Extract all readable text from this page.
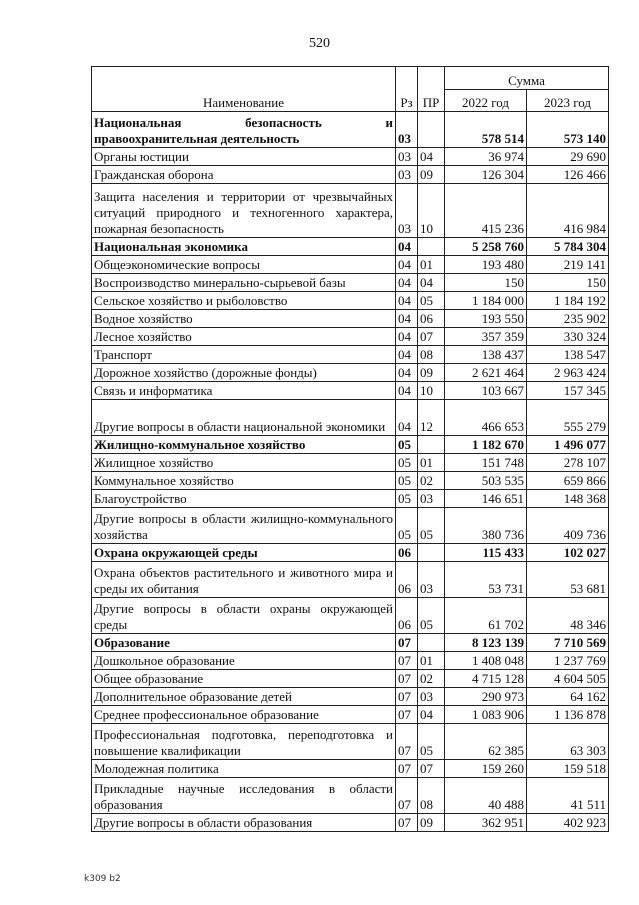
520
Наименование	Рз	ПР	Сумма	
			2022 год	2023 год
Национальная безопасность и правоохранительная деятельность	03		578 514	573 140
Органы юстиции	03	04	36 974	29 690
Гражданская оборона	03	09	126 304	126 466
Защита населения и территории от чрезвычайных ситуаций природного и техногенного характера, пожарная безопасность	03	10	415 236	416 984
Национальная экономика	04		5 258 760	5 784 304
Общеэкономические вопросы	04	01	193 480	219 141
Воспроизводство минерально-сырьевой базы	04	04	150	150
Сельское хозяйство и рыболовство	04	05	1 184 000	1 184 192
Водное хозяйство	04	06	193 550	235 902
Лесное хозяйство	04	07	357 359	330 324
Транспорт	04	08	138 437	138 547
Дорожное хозяйство (дорожные фонды)	04	09	2 621 464	2 963 424
Связь и информатика	04	10	103 667	157 345
Другие вопросы в области национальной экономики	04	12	466 653	555 279
Жилищно-коммунальное хозяйство	05		1 182 670	1 496 077
Жилищное хозяйство	05	01	151 748	278 107
Коммунальное хозяйство	05	02	503 535	659 866
Благоустройство	05	03	146 651	148 368
Другие вопросы в области жилищно-коммунального хозяйства	05	05	380 736	409 736
Охрана окружающей среды	06		115 433	102 027
Охрана объектов растительного и животного мира и среды их обитания	06	03	53 731	53 681
Другие вопросы в области охраны окружающей среды	06	05	61 702	48 346
Образование	07		8 123 139	7 710 569
Дошкольное образование	07	01	1 408 048	1 237 769
Общее образование	07	02	4 715 128	4 604 505
Дополнительное образование детей	07	03	290 973	64 162
Среднее профессиональное образование	07	04	1 083 906	1 136 878
Профессиональная подготовка, переподготовка и повышение квалификации	07	05	62 385	63 303
Молодежная политика	07	07	159 260	159 518
Прикладные научные исследования в области образования	07	08	40 488	41 511
Другие вопросы в области образования	07	09	362 951	402 923
k309 b2
